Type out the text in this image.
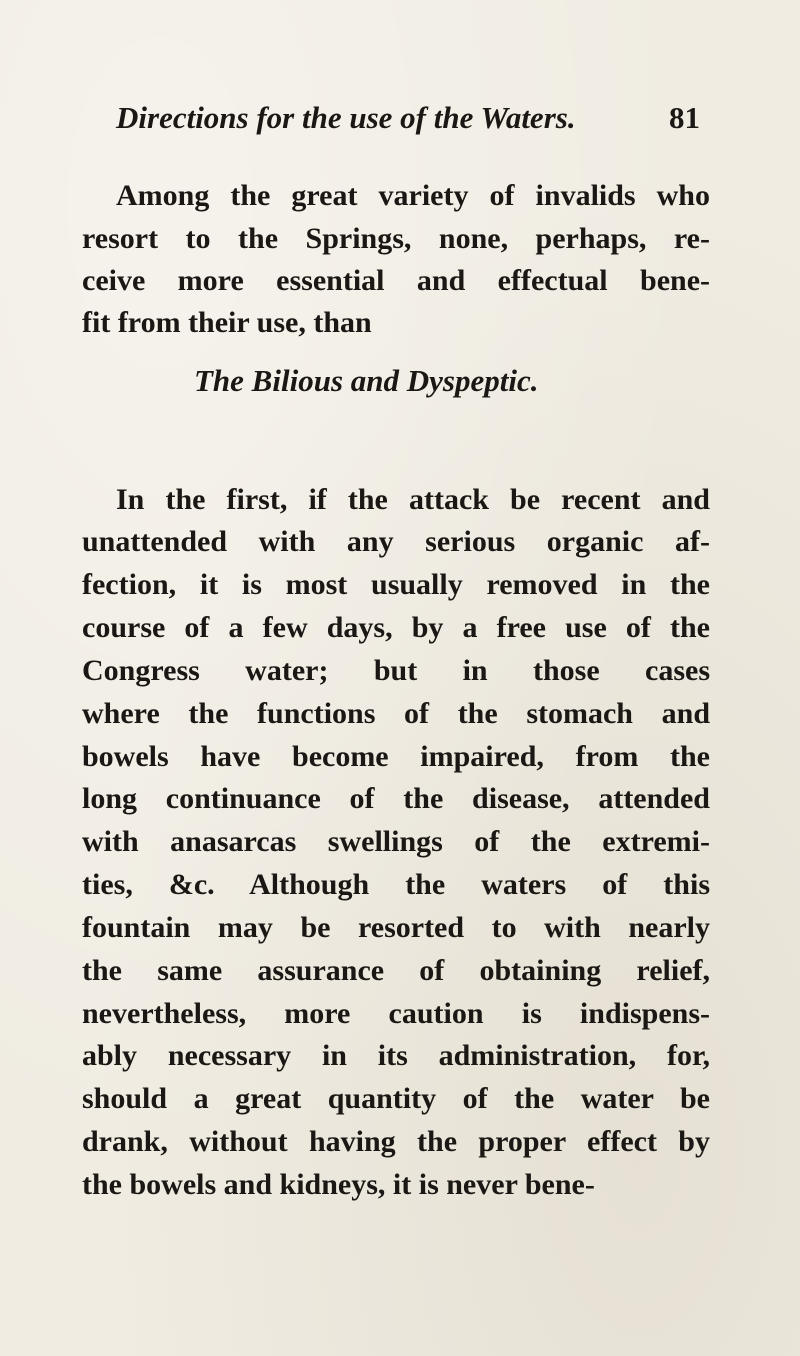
Directions for the use of the Waters.	81
Among the great variety of invalids who
resort to the Springs, none, perhaps, re-
ceive more essential and effectual bene-
fit from their use, than
The Bilious and Dyspeptic.
In the first, if the attack be recent and
unattended with any serious organic af-
fection, it is most usually removed in the
course of a few days, by a free use of the
Congress water; but in those cases
where the functions of the stomach and
bowels have become impaired, from the
long continuance of the disease, attended
with anasarcas swellings of the extremi-
ties, &c. Although the waters of this
fountain may be resorted to with nearly
the same assurance of obtaining relief,
nevertheless, more caution is indispens-
ably necessary in its administration, for,
should a great quantity of the water be
drank, without having the proper effect by
the bowels and kidneys, it is never bene-
